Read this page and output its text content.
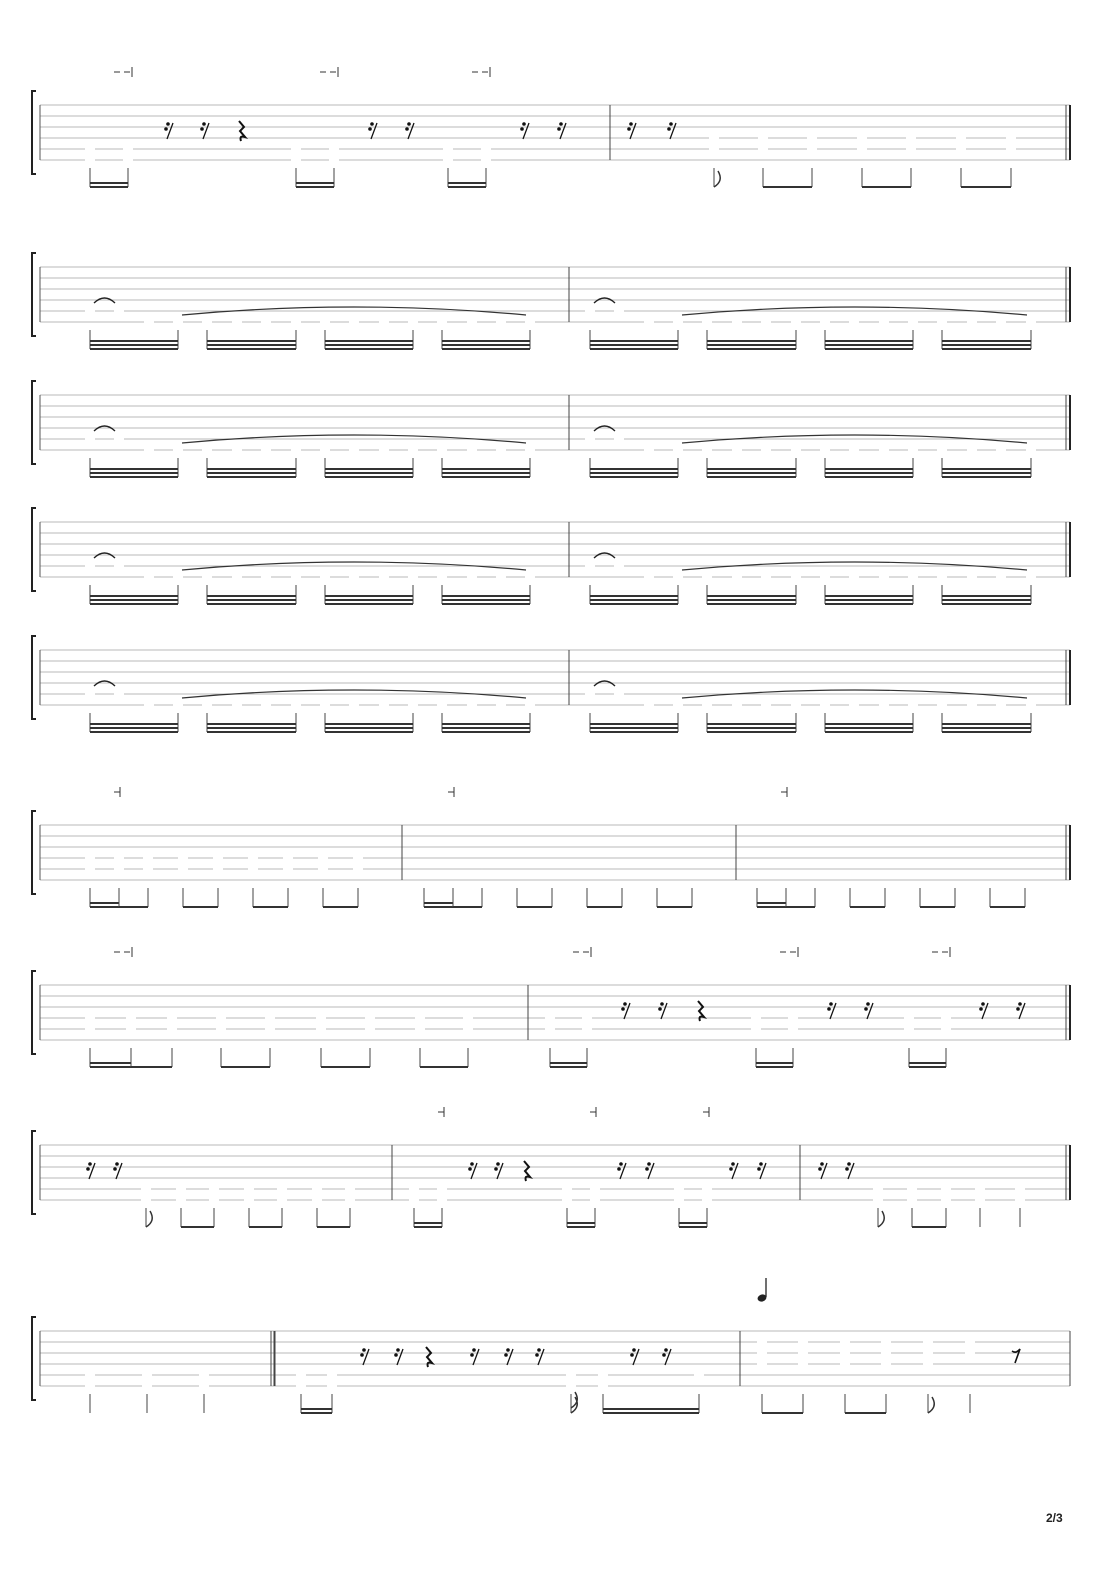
2/3
